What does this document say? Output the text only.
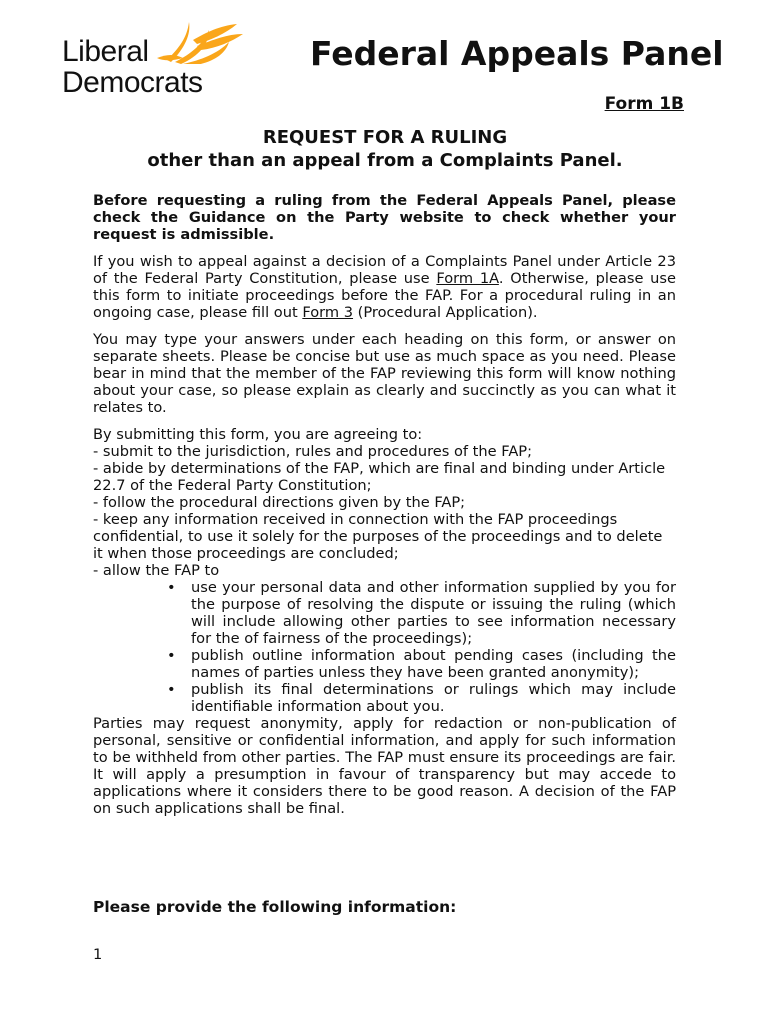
Liberal
Democrats
Federal Appeals Panel
Form 1B
REQUEST FOR A RULING
other than an appeal from a Complaints Panel.

Before requesting a ruling from the Federal Appeals Panel, please check the Guidance on the Party website to check whether your request is admissible.

If you wish to appeal against a decision of a Complaints Panel under Article 23 of the Federal Party Constitution, please use Form 1A. Otherwise, please use this form to initiate proceedings before the FAP. For a procedural ruling in an ongoing case, please fill out Form 3 (Procedural Application).

You may type your answers under each heading on this form, or answer on separate sheets. Please be concise but use as much space as you need. Please bear in mind that the member of the FAP reviewing this form will know nothing about your case, so please explain as clearly and succinctly as you can what it relates to.

By submitting this form, you are agreeing to:
- submit to the jurisdiction, rules and procedures of the FAP;
- abide by determinations of the FAP, which are final and binding under Article 22.7 of the Federal Party Constitution;
- follow the procedural directions given by the FAP;
- keep any information received in connection with the FAP proceedings confidential, to use it solely for the purposes of the proceedings and to delete it when those proceedings are concluded;
- allow the FAP to
• use your personal data and other information supplied by you for the purpose of resolving the dispute or issuing the ruling (which will include allowing other parties to see information necessary for the of fairness of the proceedings);
• publish outline information about pending cases (including the names of parties unless they have been granted anonymity);
• publish its final determinations or rulings which may include identifiable information about you.

Parties may request anonymity, apply for redaction or non-publication of personal, sensitive or confidential information, and apply for such information to be withheld from other parties. The FAP must ensure its proceedings are fair. It will apply a presumption in favour of transparency but may accede to applications where it considers there to be good reason. A decision of the FAP on such applications shall be final.

Please provide the following information:
1
